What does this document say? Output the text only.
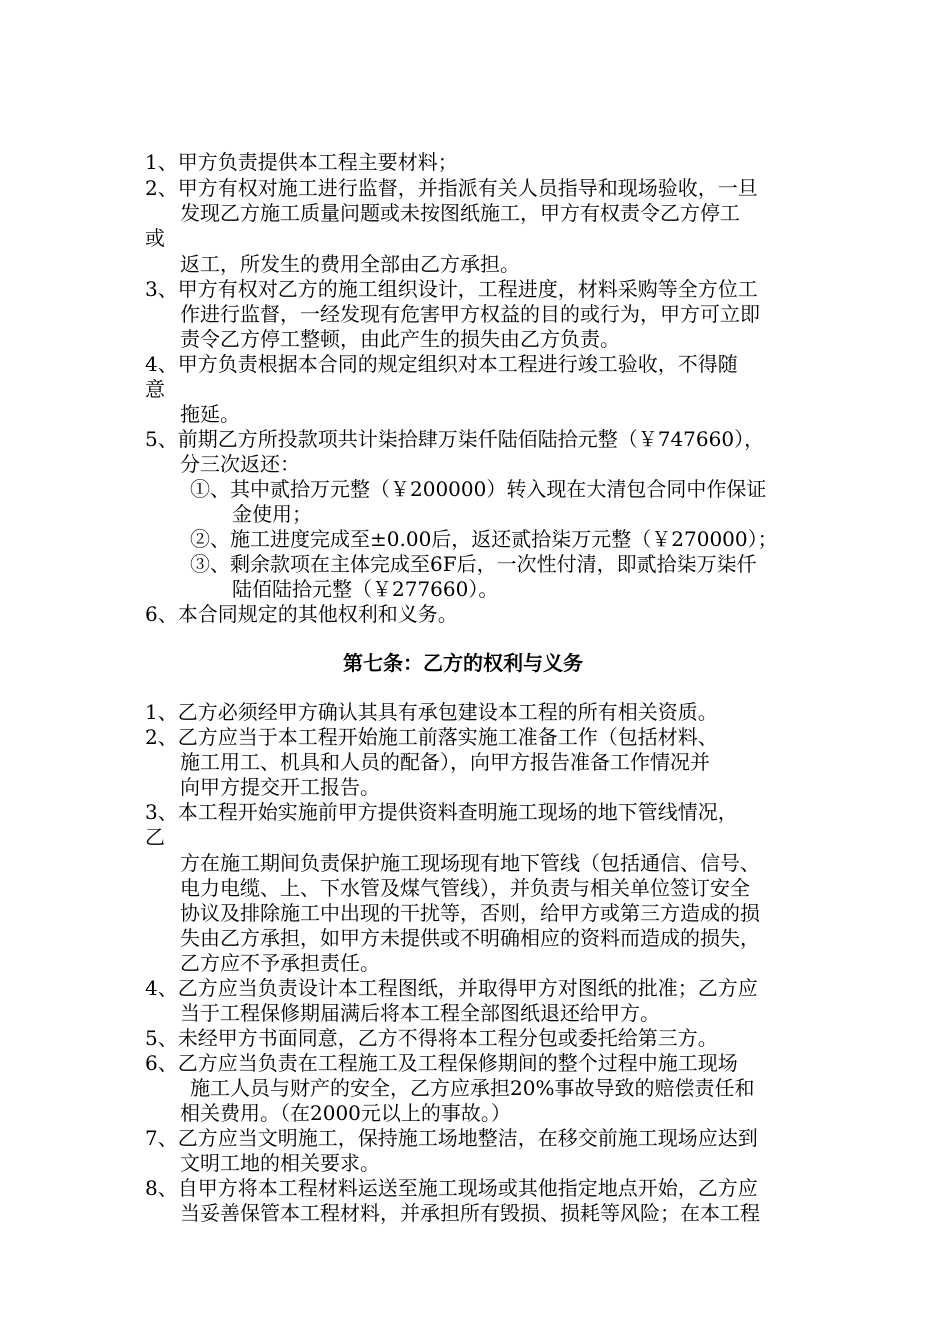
1、甲方负责提供本工程主要材料；
2、甲方有权对施工进行监督，并指派有关人员指导和现场验收，一旦
发现乙方施工质量问题或未按图纸施工，甲方有权责令乙方停工
或
返工，所发生的费用全部由乙方承担。
3、甲方有权对乙方的施工组织设计，工程进度，材料采购等全方位工
作进行监督，一经发现有危害甲方权益的目的或行为，甲方可立即
责令乙方停工整顿，由此产生的损失由乙方负责。
4、甲方负责根据本合同的规定组织对本工程进行竣工验收，不得随
意
拖延。
5、前期乙方所投款项共计柒拾肆万柒仟陆佰陆拾元整（￥747660），
分三次返还：
①、其中贰拾万元整（￥200000）转入现在大清包合同中作保证
金使用；
②、施工进度完成至±0.00后，返还贰拾柒万元整（￥270000）；
③、剩余款项在主体完成至6F后，一次性付清，即贰拾柒万柒仟
陆佰陆拾元整（￥277660）。
6、本合同规定的其他权利和义务。
第七条：乙方的权利与义务
1、乙方必须经甲方确认其具有承包建设本工程的所有相关资质。
2、乙方应当于本工程开始施工前落实施工准备工作（包括材料、
施工用工、机具和人员的配备），向甲方报告准备工作情况并
向甲方提交开工报告。
3、本工程开始实施前甲方提供资料查明施工现场的地下管线情况，
乙
方在施工期间负责保护施工现场现有地下管线（包括通信、信号、
电力电缆、上、下水管及煤气管线），并负责与相关单位签订安全
协议及排除施工中出现的干扰等，否则，给甲方或第三方造成的损
失由乙方承担，如甲方未提供或不明确相应的资料而造成的损失，
乙方应不予承担责任。
4、乙方应当负责设计本工程图纸，并取得甲方对图纸的批准；乙方应
当于工程保修期届满后将本工程全部图纸退还给甲方。
5、未经甲方书面同意，乙方不得将本工程分包或委托给第三方。
6、乙方应当负责在工程施工及工程保修期间的整个过程中施工现场
施工人员与财产的安全，乙方应承担20%事故导致的赔偿责任和
相关费用。（在2000元以上的事故。）
7、乙方应当文明施工，保持施工场地整洁，在移交前施工现场应达到
文明工地的相关要求。
8、自甲方将本工程材料运送至施工现场或其他指定地点开始，乙方应
当妥善保管本工程材料，并承担所有毁损、损耗等风险；在本工程
